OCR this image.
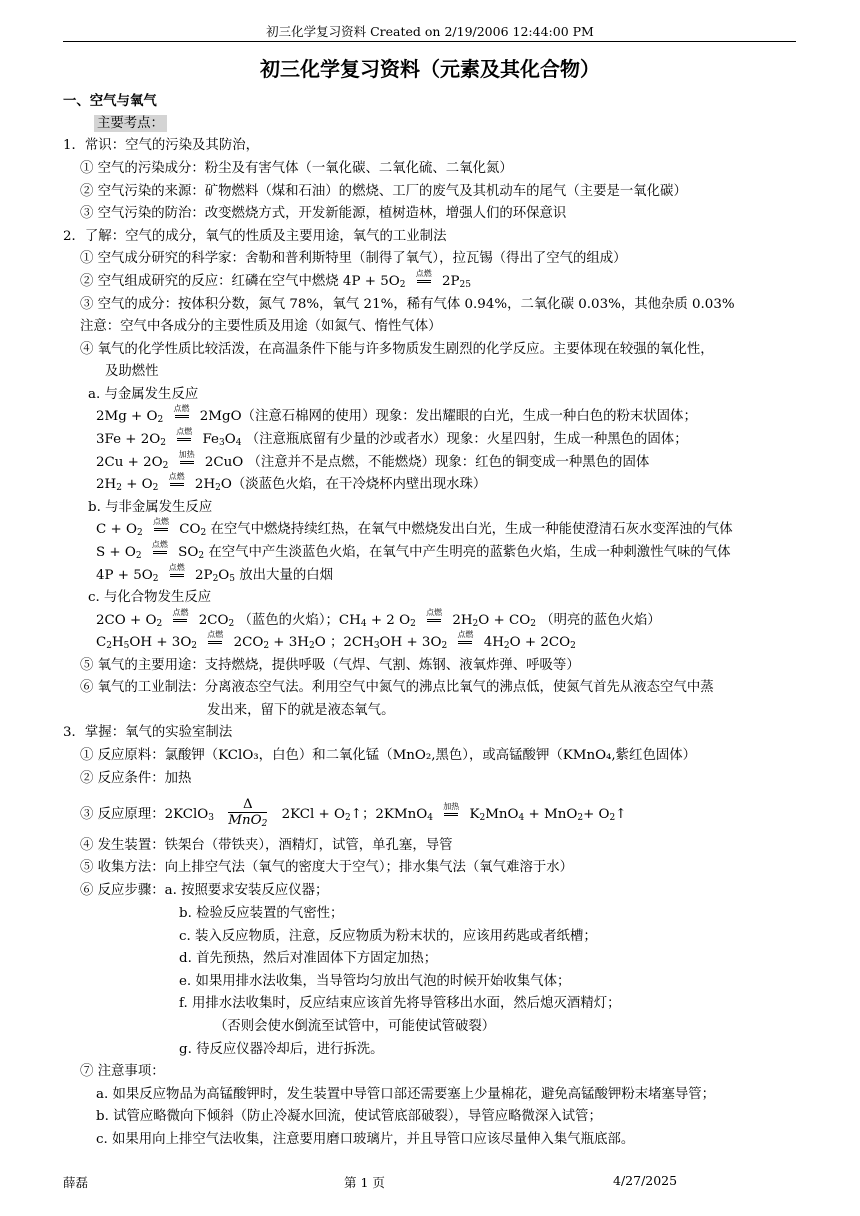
初三化学复习资料 Created on 2/19/2006 12:44:00 PM
初三化学复习资料（元素及其化合物）
一、空气与氧气
主要考点：
1．常识：空气的污染及其防治，
① 空气的污染成分：粉尘及有害气体（一氧化碳、二氧化硫、二氧化氮）
② 空气污染的来源：矿物燃料（煤和石油）的燃烧、工厂的废气及其机动车的尾气（主要是一氧化碳）
③ 空气污染的防治：改变燃烧方式，开发新能源，植树造林，增强人们的环保意识
2．了解：空气的成分，氧气的性质及主要用途，氧气的工业制法
① 空气成分研究的科学家：舍勒和普利斯特里（制得了氧气），拉瓦锡（得出了空气的组成）
② 空气组成研究的反应：红磷在空气中燃烧 $4P + 5O_2$
点燃
$2P_{25}$
③ 空气的成分：按体积分数，氮气 78%，氧气 21%，稀有气体 0.94%，二氧化碳 0.03%，其他杂质 0.03%
注意：空气中各成分的主要性质及用途（如氮气、惰性气体）
④ 氧气的化学性质比较活泼，在高温条件下能与许多物质发生剧烈的化学反应。主要体现在较强的氧化性，
及助燃性
a. 与金属发生反应
$2Mg + O_2$
点燃
2MgO（注意石棉网的使用）现象：发出耀眼的白光，生成一种白色的粉末状固体；
$3Fe + 2O_2$
点燃
$Fe_3O_4$ （注意瓶底留有少量的沙或者水）现象：火星四射，生成一种黑色的固体；
$2Cu + 2O_2$
加热
2CuO （注意并不是点燃，不能燃烧）现象：红色的铜变成一种黑色的固体
$2H_2 + O_2$
点燃
$2H_2O$（淡蓝色火焰，在干冷烧杯内壁出现水珠）
b. 与非金属发生反应
$C + O_2$
点燃
$CO_2$ 在空气中燃烧持续红热，在氧气中燃烧发出白光，生成一种能使澄清石灰水变浑浊的气体
$S + O_2$
点燃
$SO_2$ 在空气中产生淡蓝色火焰，在氧气中产生明亮的蓝紫色火焰，生成一种刺激性气味的气体
$4P + 5O_2$
点燃
$2P_2O_5$ 放出大量的白烟
c. 与化合物发生反应
$2CO + O_2$
点燃
$2CO_2$ （蓝色的火焰）；$CH_4 + 2$ $O_2$
点燃
$2H_2O + CO_2$ （明亮的蓝色火焰）
$C_2H_5OH + 3O_2$
点燃
$2CO_2 + 3H_2O$ ；$2CH_3OH + 3O_2$
点燃
$4H_2O + 2CO_2$
⑤ 氧气的主要用途：支持燃烧，提供呼吸（气焊、气割、炼钢、液氧炸弹、呼吸等）
⑥ 氧气的工业制法：分离液态空气法。利用空气中氮气的沸点比氧气的沸点低，使氮气首先从液态空气中蒸
发出来，留下的就是液态氧气。
3．掌握：氧气的实验室制法
① 反应原料：氯酸钾（KClO₃，白色）和二氧化锰（MnO₂,黑色），或高锰酸钾（KMnO₄,紫红色固体）
② 反应条件：加热
③ 反应原理：2KClO$_3$ $\frac{\Delta}{MnO_2} 2KCl$ + $O_2↑$；2KMnO$_4$
加热
$K_2MnO_4 + MnO_2+$ $O_2↑$
④ 发生装置：铁架台（带铁夹），酒精灯，试管，单孔塞，导管
⑤ 收集方法：向上排空气法（氧气的密度大于空气）；排水集气法（氧气难溶于水）
⑥ 反应步骤：a. 按照要求安装反应仪器；
b. 检验反应装置的气密性；
c. 装入反应物质，注意，反应物质为粉末状的，应该用药匙或者纸槽；
d. 首先预热，然后对准固体下方固定加热；
e. 如果用排水法收集，当导管均匀放出气泡的时候开始收集气体；
f. 用排水法收集时，反应结束应该首先将导管移出水面，然后熄灭酒精灯；
（否则会使水倒流至试管中，可能使试管破裂）
g. 待反应仪器冷却后，进行拆洗。
⑦ 注意事项：
a. 如果反应物品为高锰酸钾时，发生装置中导管口部还需要塞上少量棉花，避免高锰酸钾粉末堵塞导管；
b. 试管应略微向下倾斜（防止冷凝水回流，使试管底部破裂），导管应略微深入试管；
c. 如果用向上排空气法收集，注意要用磨口玻璃片，并且导管口应该尽量伸入集气瓶底部。
薛磊	第 1 页	4/27/2025
